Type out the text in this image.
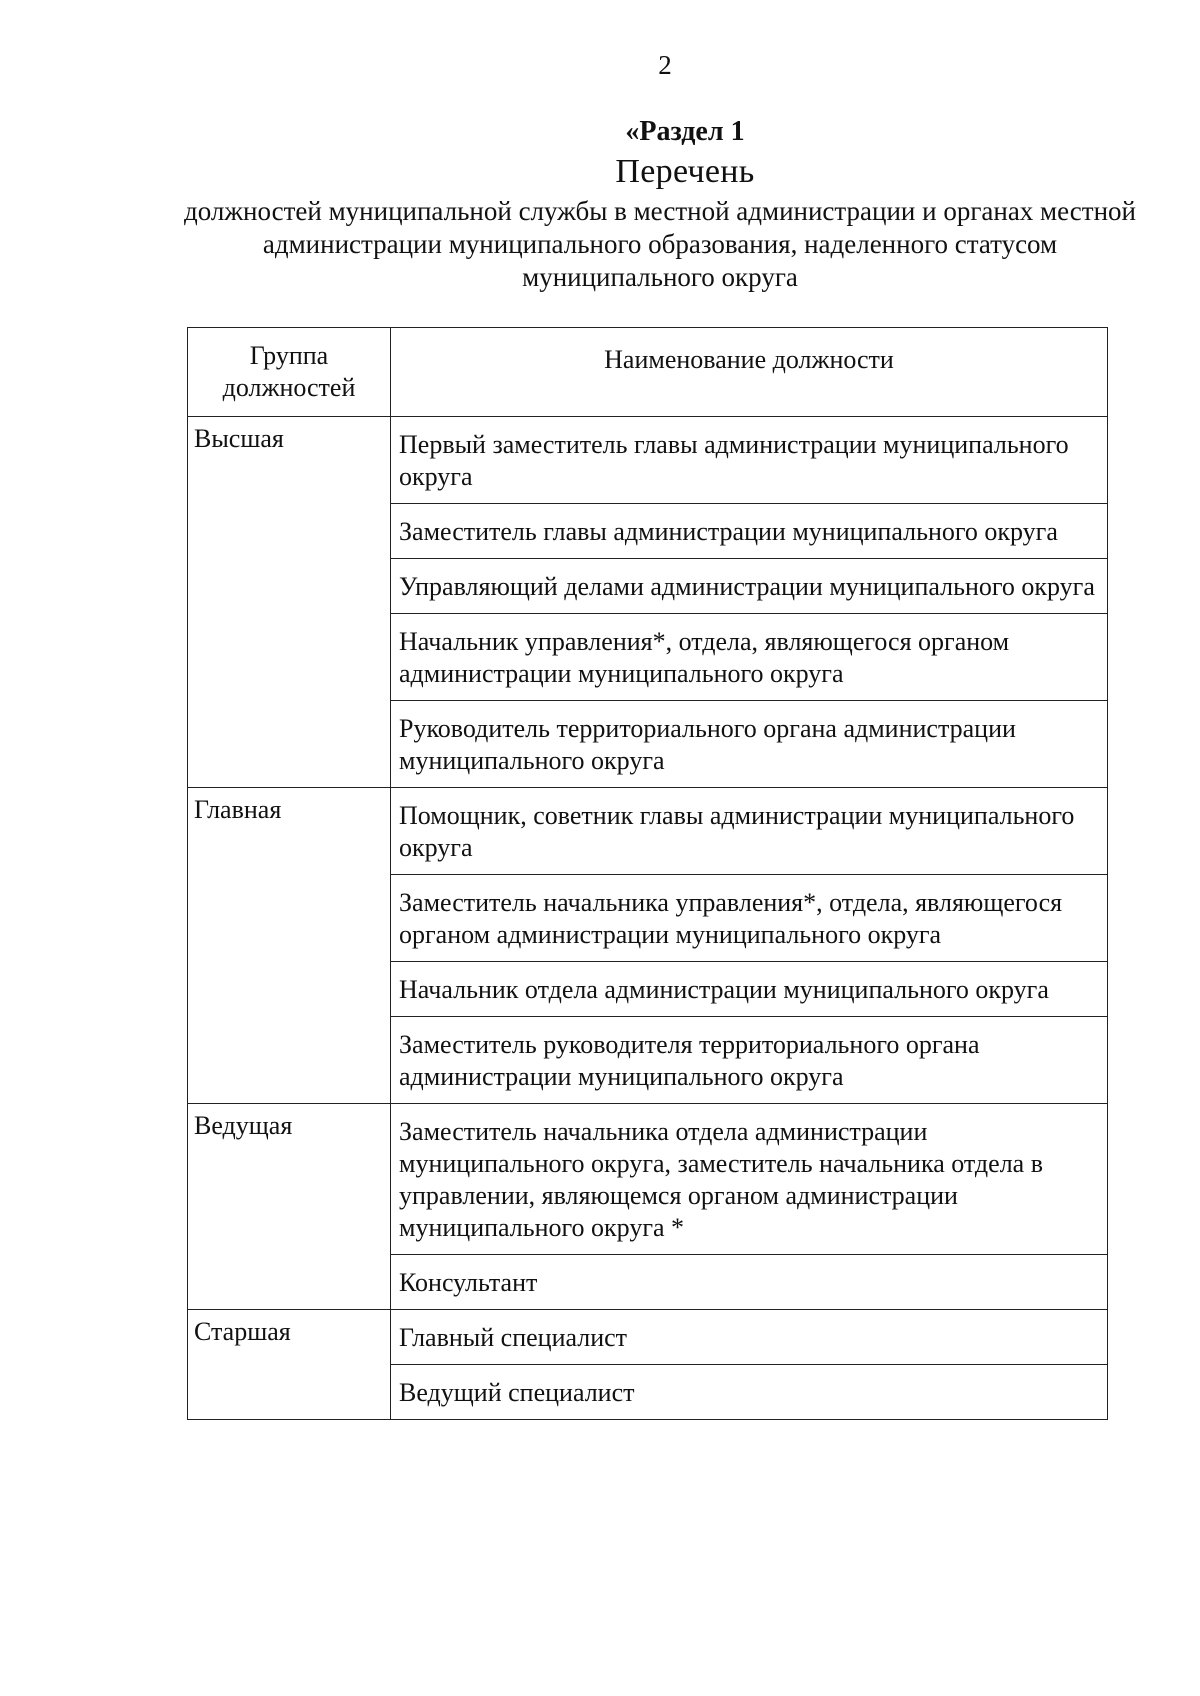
2
«Раздел 1
Перечень
должностей муниципальной службы в местной администрации и органах местной администрации муниципального образования, наделенного статусом муниципального округа
Группа должностей	Наименование должности
Высшая	Первый заместитель главы администрации муниципального округа
	Заместитель главы администрации муниципального округа
	Управляющий делами администрации муниципального округа
	Начальник управления*, отдела, являющегося органом администрации муниципального округа
	Руководитель территориального органа администрации муниципального округа
Главная	Помощник, советник главы администрации муниципального округа
	Заместитель начальника управления*, отдела, являющегося органом администрации муниципального округа
	Начальник отдела администрации муниципального округа
	Заместитель руководителя территориального органа администрации муниципального округа
Ведущая	Заместитель начальника отдела администрации муниципального округа, заместитель начальника отдела в управлении, являющемся органом администрации муниципального округа *
	Консультант
Старшая	Главный специалист
	Ведущий специалист
